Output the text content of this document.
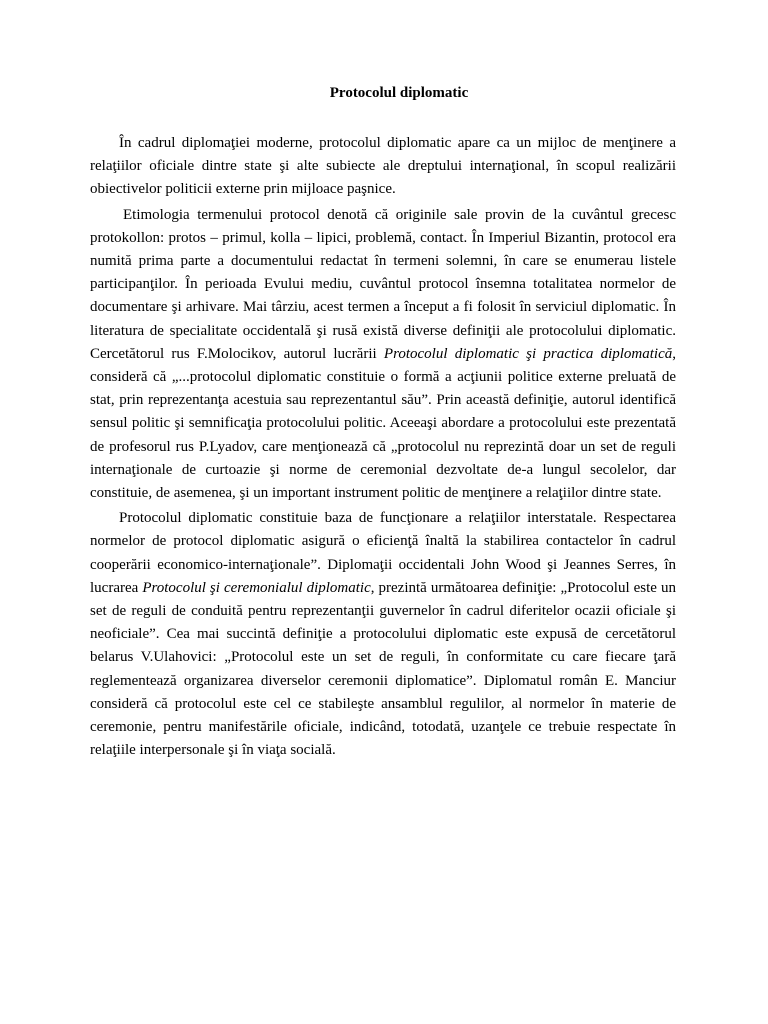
Protocolul diplomatic

În cadrul diplomaţiei moderne, protocolul diplomatic apare ca un mijloc de menţinere a relaţiilor oficiale dintre state şi alte subiecte ale dreptului internaţional, în scopul realizării obiectivelor politicii externe prin mijloace paşnice.

Etimologia termenului protocol denotă că originile sale provin de la cuvântul grecesc protokollon: protos – primul, kolla – lipici, problemă, contact. În Imperiul Bizantin, protocol era numită prima parte a documentului redactat în termeni solemni, în care se enumerau listele participanţilor. În perioada Evului mediu, cuvântul protocol însemna totalitatea normelor de documentare şi arhivare. Mai târziu, acest termen a început a fi folosit în serviciul diplomatic. În literatura de specialitate occidentală şi rusă există diverse definiţii ale protocolului diplomatic. Cercetătorul rus F.Molocikov, autorul lucrării Protocolul diplomatic şi practica diplomatică, consideră că „...protocolul diplomatic constituie o formă a acţiunii politice externe preluată de stat, prin reprezentanţa acestuia sau reprezentantul său”. Prin această definiţie, autorul identifică sensul politic şi semnificaţia protocolului politic. Aceeaşi abordare a protocolului este prezentată de profesorul rus P.Lyadov, care menţionează că „protocolul nu reprezintă doar un set de reguli internaţionale de curtoazie şi norme de ceremonial dezvoltate de-a lungul secolelor, dar constituie, de asemenea, şi un important instrument politic de menţinere a relaţiilor dintre state.

Protocolul diplomatic constituie baza de funcţionare a relaţiilor interstatale. Respectarea normelor de protocol diplomatic asigură o eficienţă înaltă la stabilirea contactelor în cadrul cooperării economico-internaţionale”. Diplomaţii occidentali John Wood şi Jeannes Serres, în lucrarea Protocolul şi ceremonialul diplomatic, prezintă următoarea definiţie: „Protocolul este un set de reguli de conduită pentru reprezentanţii guvernelor în cadrul diferitelor ocazii oficiale şi neoficiale”. Cea mai succintă definiţie a protocolului diplomatic este expusă de cercetătorul belarus V.Ulahovici: „Protocolul este un set de reguli, în conformitate cu care fiecare ţară reglementează organizarea diverselor ceremonii diplomatice”. Diplomatul român E. Manciur consideră că protocolul este cel ce stabileşte ansamblul regulilor, al normelor în materie de ceremonie, pentru manifestările oficiale, indicând, totodată, uzanţele ce trebuie respectate în relaţiile interpersonale şi în viaţa socială.
